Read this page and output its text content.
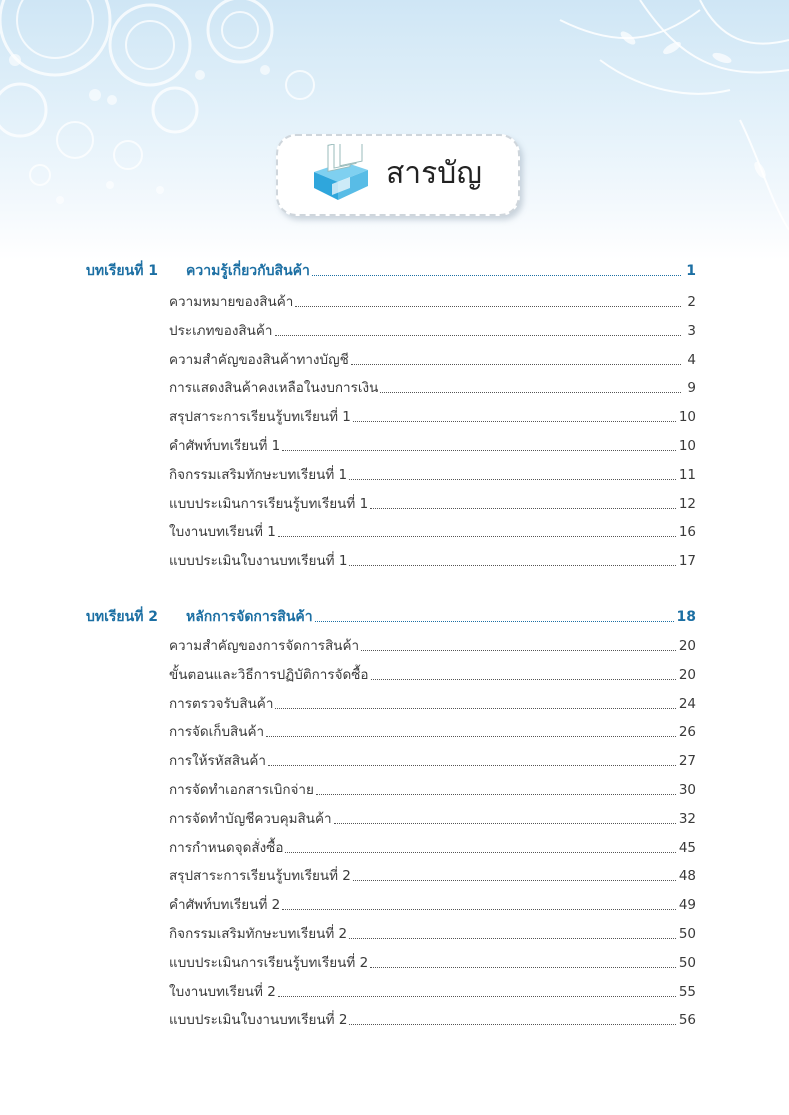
สารบัญ
บทเรียนที่ 1	ความรู้เกี่ยวกับสินค้า	1
ความหมายของสินค้า	2
ประเภทของสินค้า	3
ความสำคัญของสินค้าทางบัญชี	4
การแสดงสินค้าคงเหลือในงบการเงิน	9
สรุปสาระการเรียนรู้บทเรียนที่ 1	10
คำศัพท์บทเรียนที่ 1	10
กิจกรรมเสริมทักษะบทเรียนที่ 1	11
แบบประเมินการเรียนรู้บทเรียนที่ 1	12
ใบงานบทเรียนที่ 1	16
แบบประเมินใบงานบทเรียนที่ 1	17
บทเรียนที่ 2	หลักการจัดการสินค้า	18
ความสำคัญของการจัดการสินค้า	20
ขั้นตอนและวิธีการปฏิบัติการจัดซื้อ	20
การตรวจรับสินค้า	24
การจัดเก็บสินค้า	26
การให้รหัสสินค้า	27
การจัดทำเอกสารเบิกจ่าย	30
การจัดทำบัญชีควบคุมสินค้า	32
การกำหนดจุดสั่งซื้อ	45
สรุปสาระการเรียนรู้บทเรียนที่ 2	48
คำศัพท์บทเรียนที่ 2	49
กิจกรรมเสริมทักษะบทเรียนที่ 2	50
แบบประเมินการเรียนรู้บทเรียนที่ 2	50
ใบงานบทเรียนที่ 2	55
แบบประเมินใบงานบทเรียนที่ 2	56
